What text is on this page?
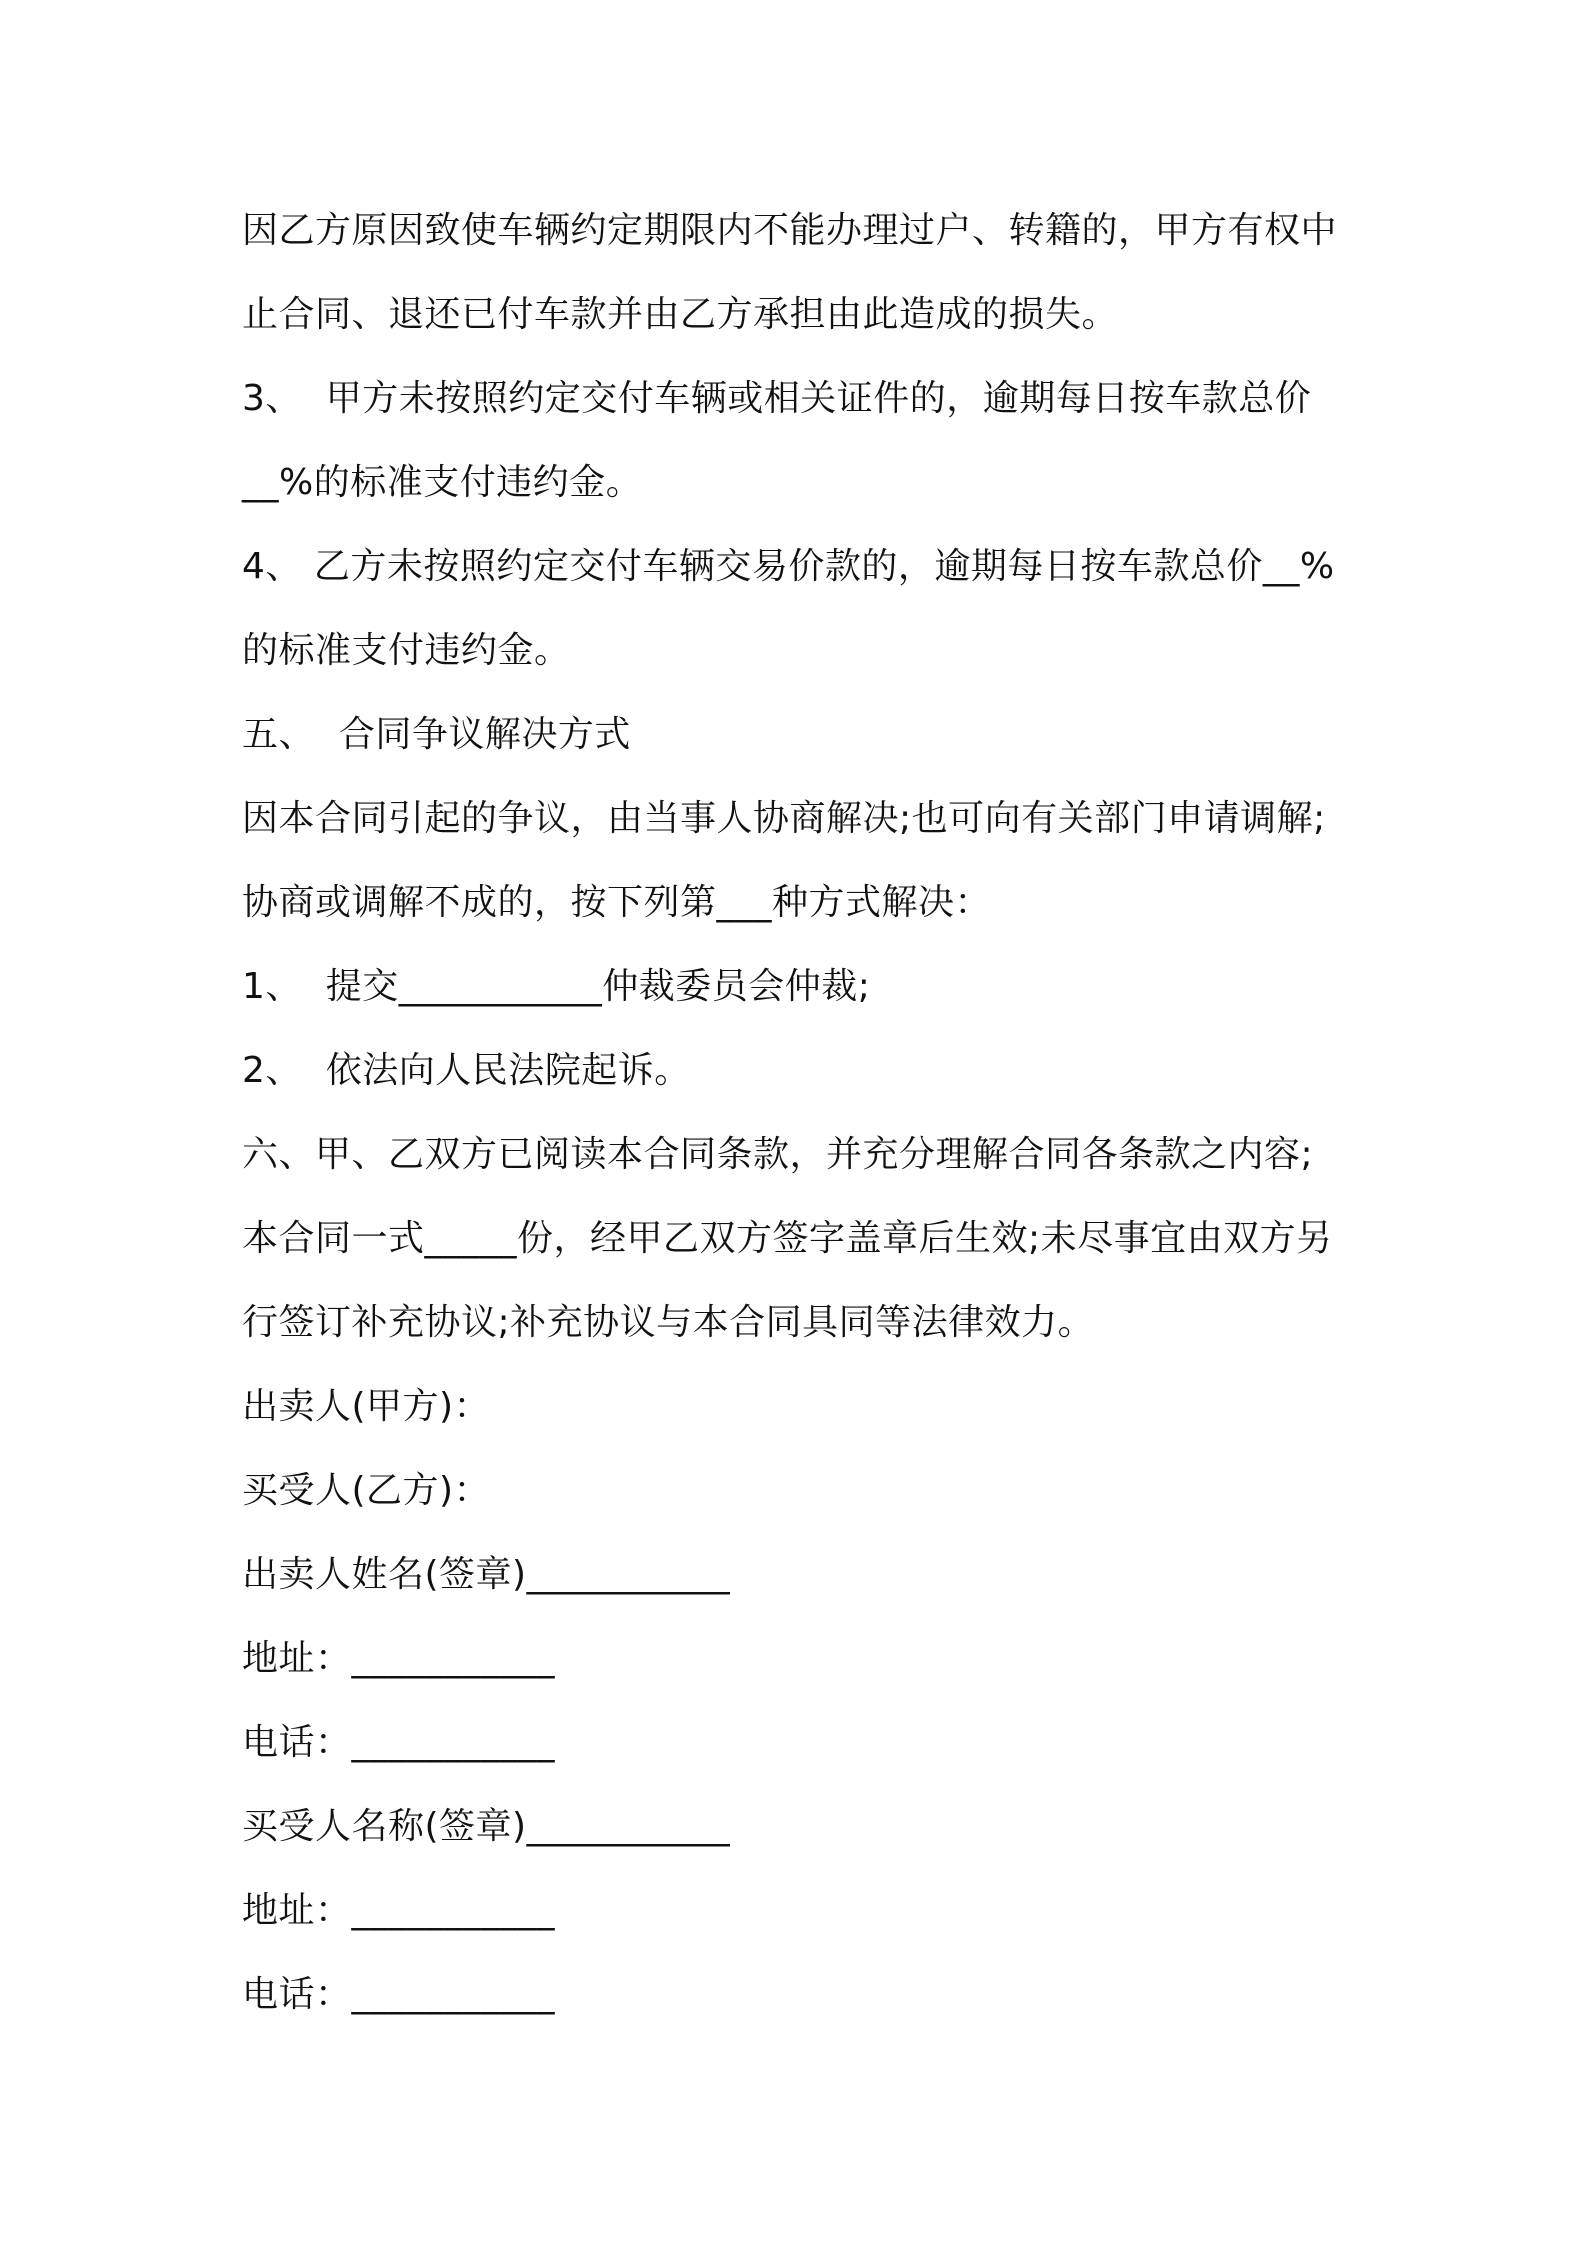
因乙方原因致使车辆约定期限内不能办理过户、转籍的，甲方有权中
止合同、退还已付车款并由乙方承担由此造成的损失。
3、  甲方未按照约定交付车辆或相关证件的，逾期每日按车款总价
__%的标准支付违约金。
4、 乙方未按照约定交付车辆交易价款的，逾期每日按车款总价__%
的标准支付违约金。
五、  合同争议解决方式
因本合同引起的争议，由当事人协商解决;也可向有关部门申请调解;
协商或调解不成的，按下列第___种方式解决：
1、  提交___________仲裁委员会仲裁;
2、  依法向人民法院起诉。
六、甲、乙双方已阅读本合同条款，并充分理解合同各条款之内容;
本合同一式_____份，经甲乙双方签字盖章后生效;未尽事宜由双方另
行签订补充协议;补充协议与本合同具同等法律效力。
出卖人(甲方)：
买受人(乙方)：
出卖人姓名(签章)___________
地址：___________
电话：___________
买受人名称(签章)___________
地址：___________
电话：___________
